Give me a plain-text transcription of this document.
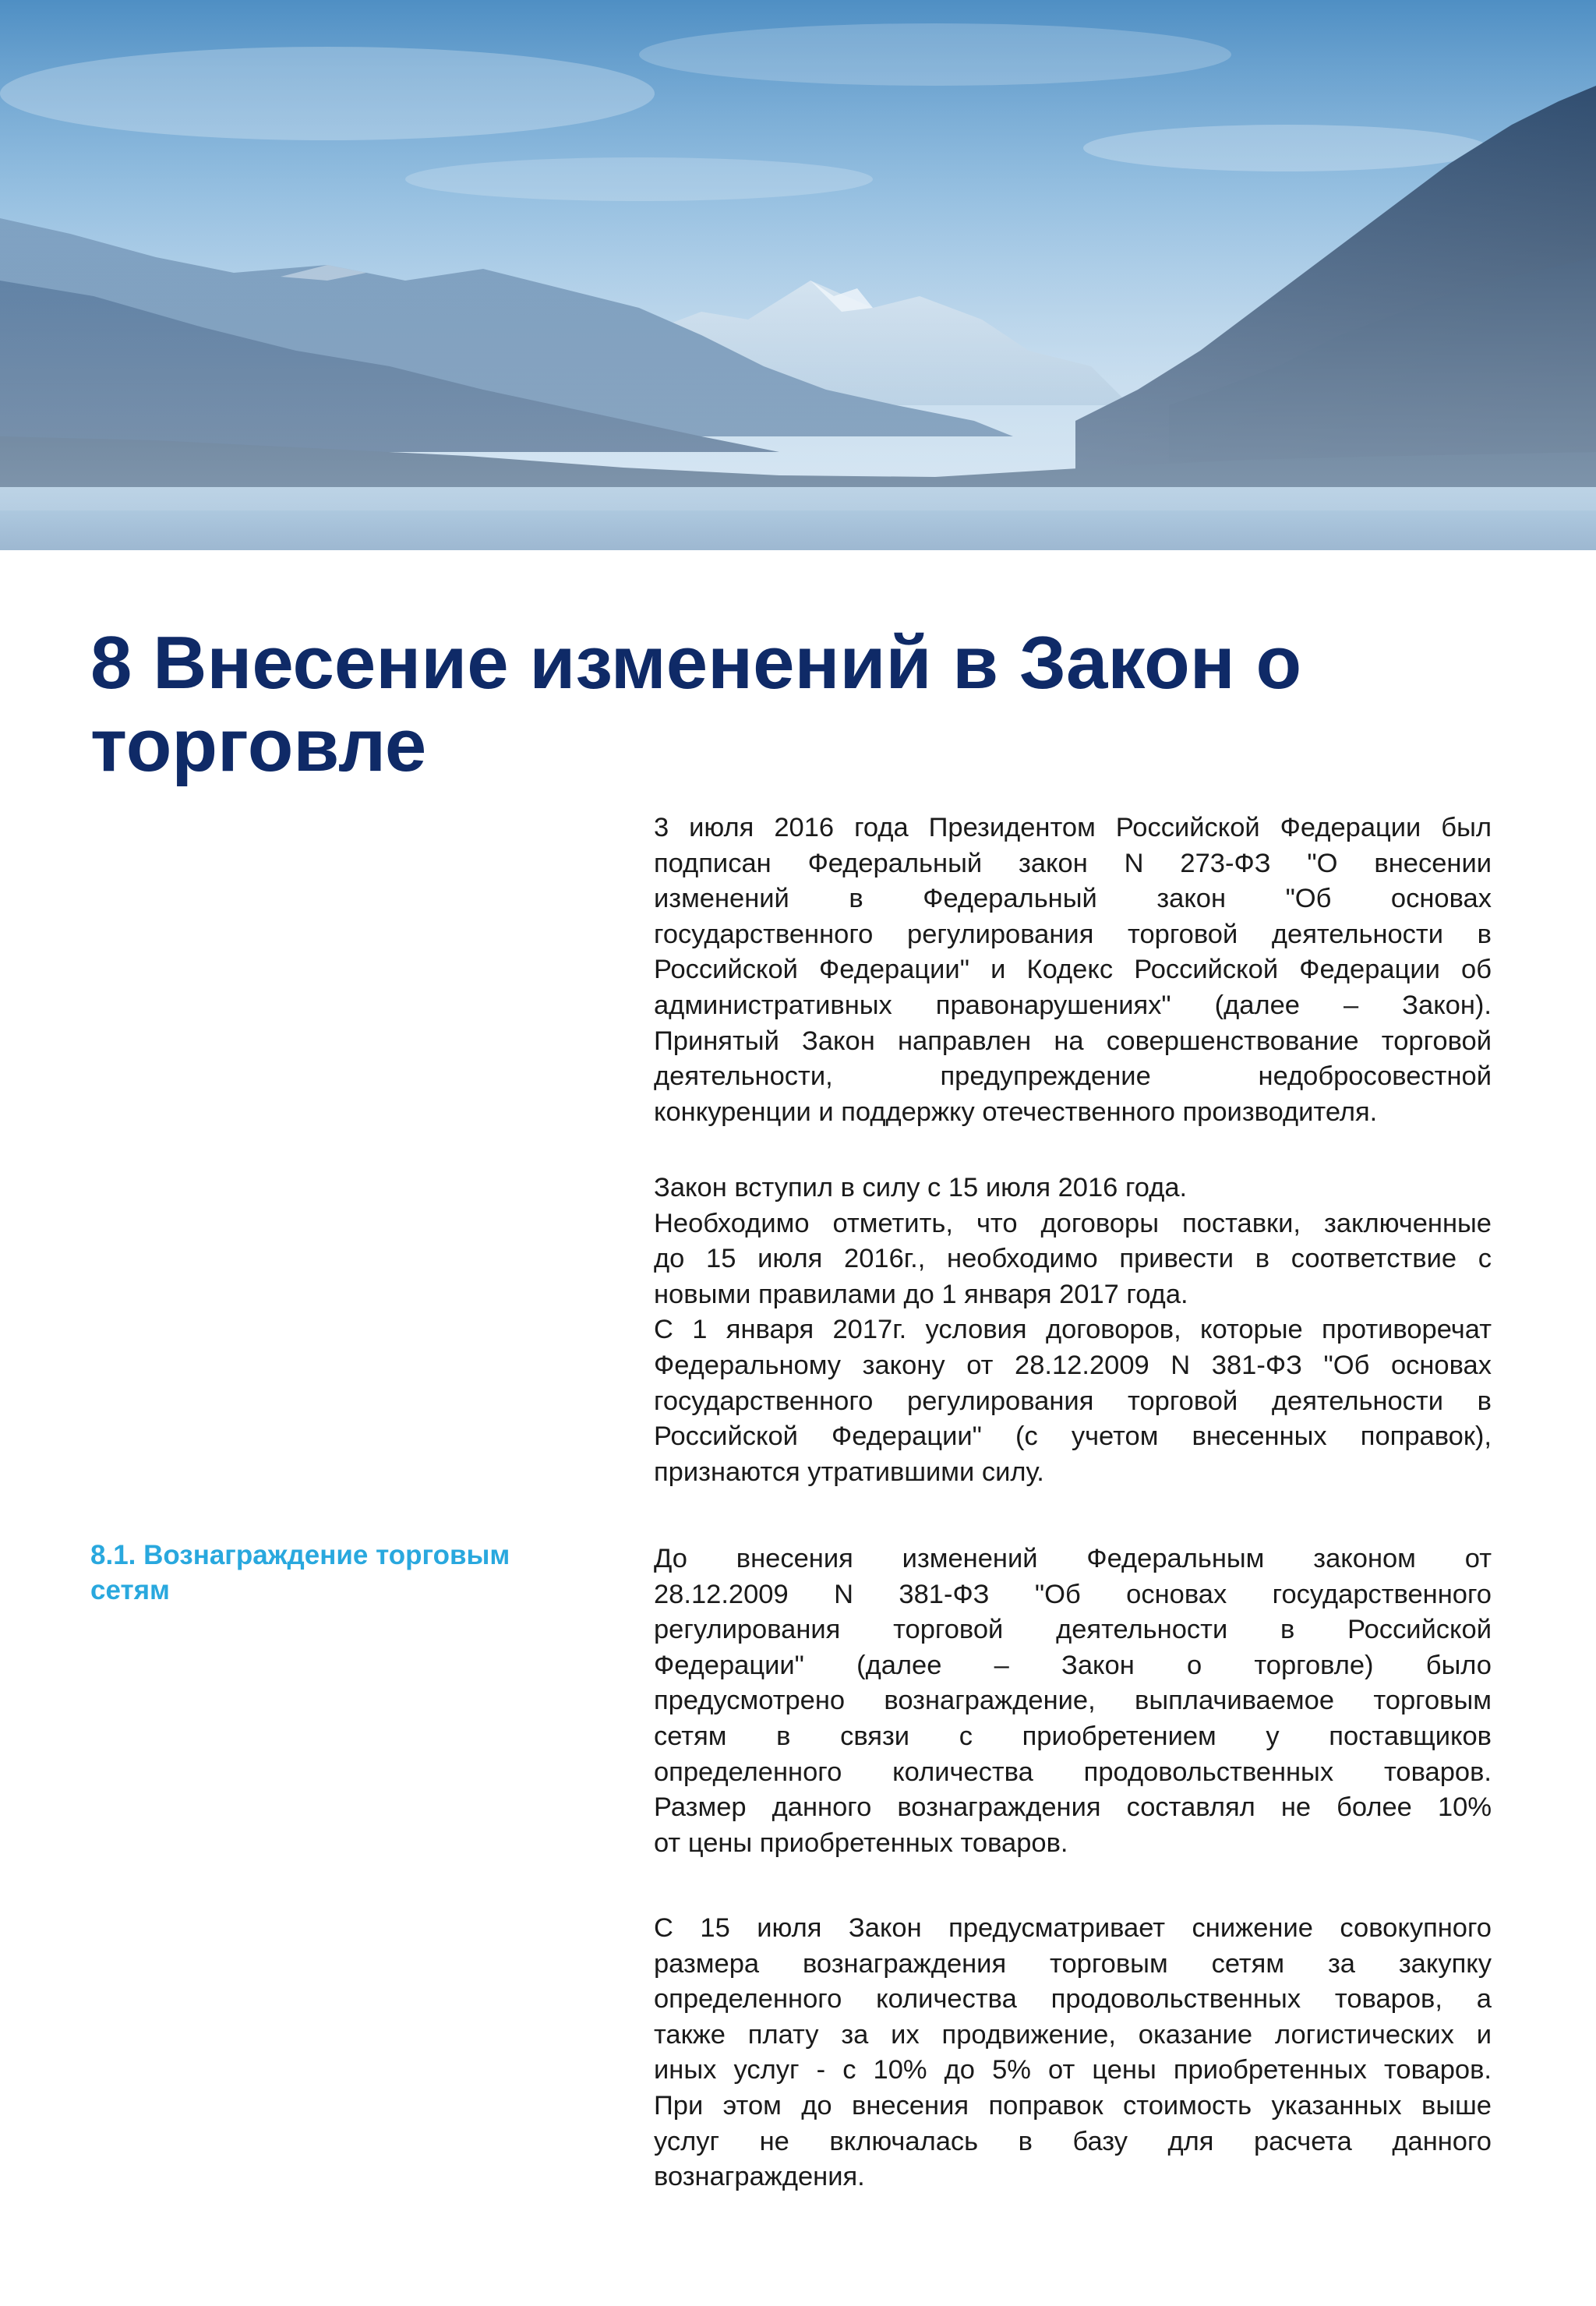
8 Внесение изменений в Закон о торговле
8.1. Вознаграждение торговым сетям
3 июля 2016 года Президентом Российской Федерации был
подписан Федеральный закон N 273-ФЗ "О внесении
изменений в Федеральный закон "Об основах
государственного регулирования торговой деятельности в
Российской Федерации" и Кодекс Российской Федерации об
административных правонарушениях" (далее – Закон).
Принятый Закон направлен на совершенствование торговой
деятельности, предупреждение недобросовестной
конкуренции и поддержку отечественного производителя.
Закон вступил в силу с 15 июля 2016 года.
Необходимо отметить, что договоры поставки, заключенные
до 15 июля 2016г., необходимо привести в соответствие с
новыми правилами до 1 января 2017 года.
С 1 января 2017г. условия договоров, которые противоречат
Федеральному закону от 28.12.2009 N 381-ФЗ "Об основах
государственного регулирования торговой деятельности в
Российской Федерации" (с учетом внесенных поправок),
признаются утратившими силу.
До внесения изменений Федеральным законом от
28.12.2009 N 381-ФЗ "Об основах государственного
регулирования торговой деятельности в Российской
Федерации" (далее – Закон о торговле) было
предусмотрено вознаграждение, выплачиваемое торговым
сетям в связи с приобретением у поставщиков
определенного количества продовольственных товаров.
Размер данного вознаграждения составлял не более 10%
от цены приобретенных товаров.
С 15 июля Закон предусматривает снижение совокупного
размера вознаграждения торговым сетям за закупку
определенного количества продовольственных товаров, а
также плату за их продвижение, оказание логистических и
иных услуг - с 10% до 5% от цены приобретенных товаров.
При этом до внесения поправок стоимость указанных выше
услуг не включалась в базу для расчета данного
вознаграждения.
